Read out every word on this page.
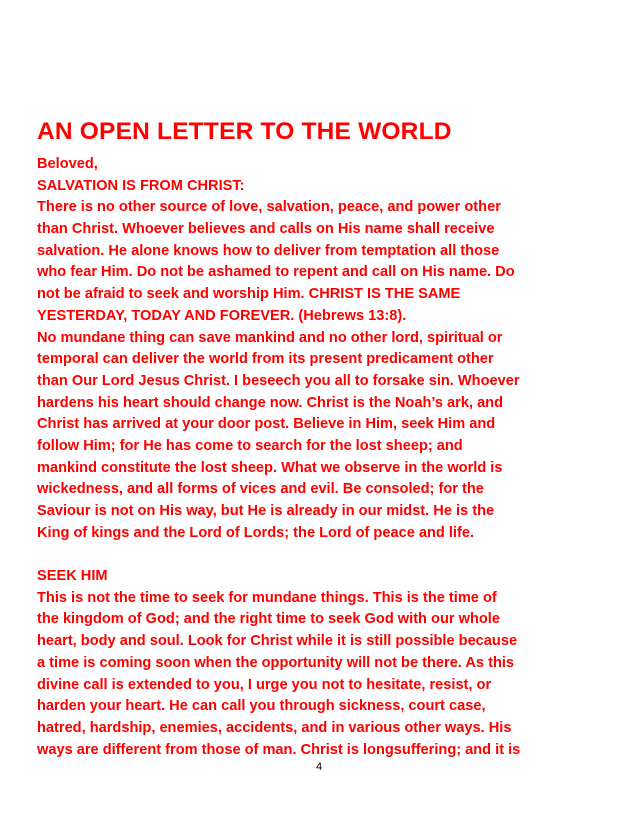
AN OPEN LETTER TO THE WORLD
Beloved,
SALVATION IS FROM CHRIST:
There is no other source of love, salvation, peace, and power other
than Christ. Whoever believes and calls on His name shall receive
salvation. He alone knows how to deliver from temptation all those
who fear Him. Do not be ashamed to repent and call on His name. Do
not be afraid to seek and worship Him. CHRIST IS THE SAME
YESTERDAY, TODAY AND FOREVER. (Hebrews 13:8).
No mundane thing can save mankind and no other lord, spiritual or
temporal can deliver the world from its present predicament other
than Our Lord Jesus Christ. I beseech you all to forsake sin. Whoever
hardens his heart should change now. Christ is the Noah’s ark, and
Christ has arrived at your door post. Believe in Him, seek Him and
follow Him; for He has come to search for the lost sheep; and
mankind constitute the lost sheep. What we observe in the world is
wickedness, and all forms of vices and evil. Be consoled; for the
Saviour is not on His way, but He is already in our midst. He is the
King of kings and the Lord of Lords; the Lord of peace and life.
SEEK HIM
This is not the time to seek for mundane things. This is the time of
the kingdom of God; and the right time to seek God with our whole
heart, body and soul. Look for Christ while it is still possible because
a time is coming soon when the opportunity will not be there. As this
divine call is extended to you, I urge you not to hesitate, resist, or
harden your heart. He can call you through sickness, court case,
hatred, hardship, enemies, accidents, and in various other ways. His
ways are different from those of man. Christ is longsuffering; and it is
4
